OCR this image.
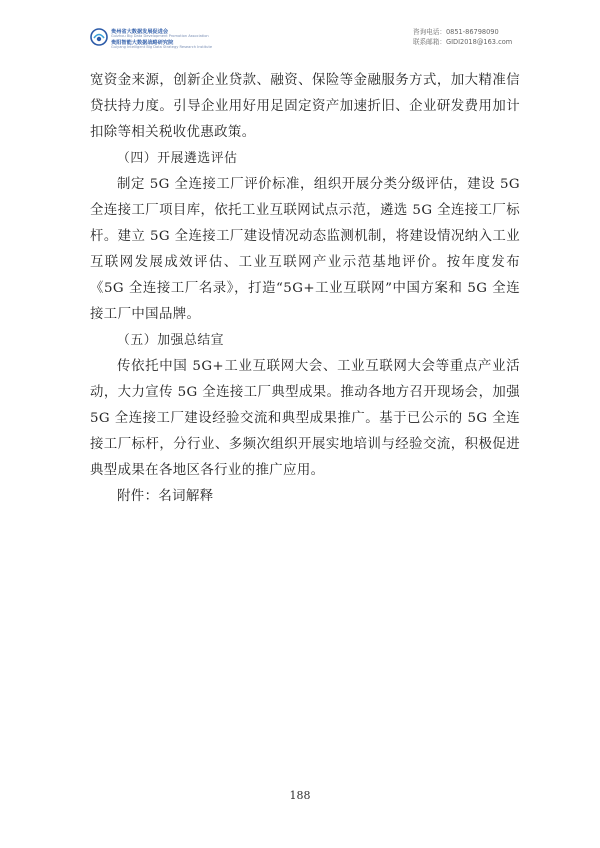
贵州省大数据发展促进会
Guizhou Big Data Development Promotion Association
贵阳智能大数据战略研究院
Guiyang Intelligent Big Data Strategy Research Institute
咨询电话：0851-86798090
联系邮箱：GIDI2018@163.com

宽资金来源，创新企业贷款、融资、保险等金融服务方式，加大精准信贷扶持力度。引导企业用好用足固定资产加速折旧、企业研发费用加计扣除等相关税收优惠政策。

（四）开展遴选评估

制定 5G 全连接工厂评价标准，组织开展分类分级评估，建设 5G 全连接工厂项目库，依托工业互联网试点示范，遴选 5G 全连接工厂标杆。建立 5G 全连接工厂建设情况动态监测机制，将建设情况纳入工业互联网发展成效评估、工业互联网产业示范基地评价。按年度发布《5G 全连接工厂名录》，打造“5G+工业互联网”中国方案和 5G 全连接工厂中国品牌。

（五）加强总结宣

传依托中国 5G+工业互联网大会、工业互联网大会等重点产业活动，大力宣传 5G 全连接工厂典型成果。推动各地方召开现场会，加强 5G 全连接工厂建设经验交流和典型成果推广。基于已公示的 5G 全连接工厂标杆，分行业、多频次组织开展实地培训与经验交流，积极促进典型成果在各地区各行业的推广应用。

附件：名词解释

188
